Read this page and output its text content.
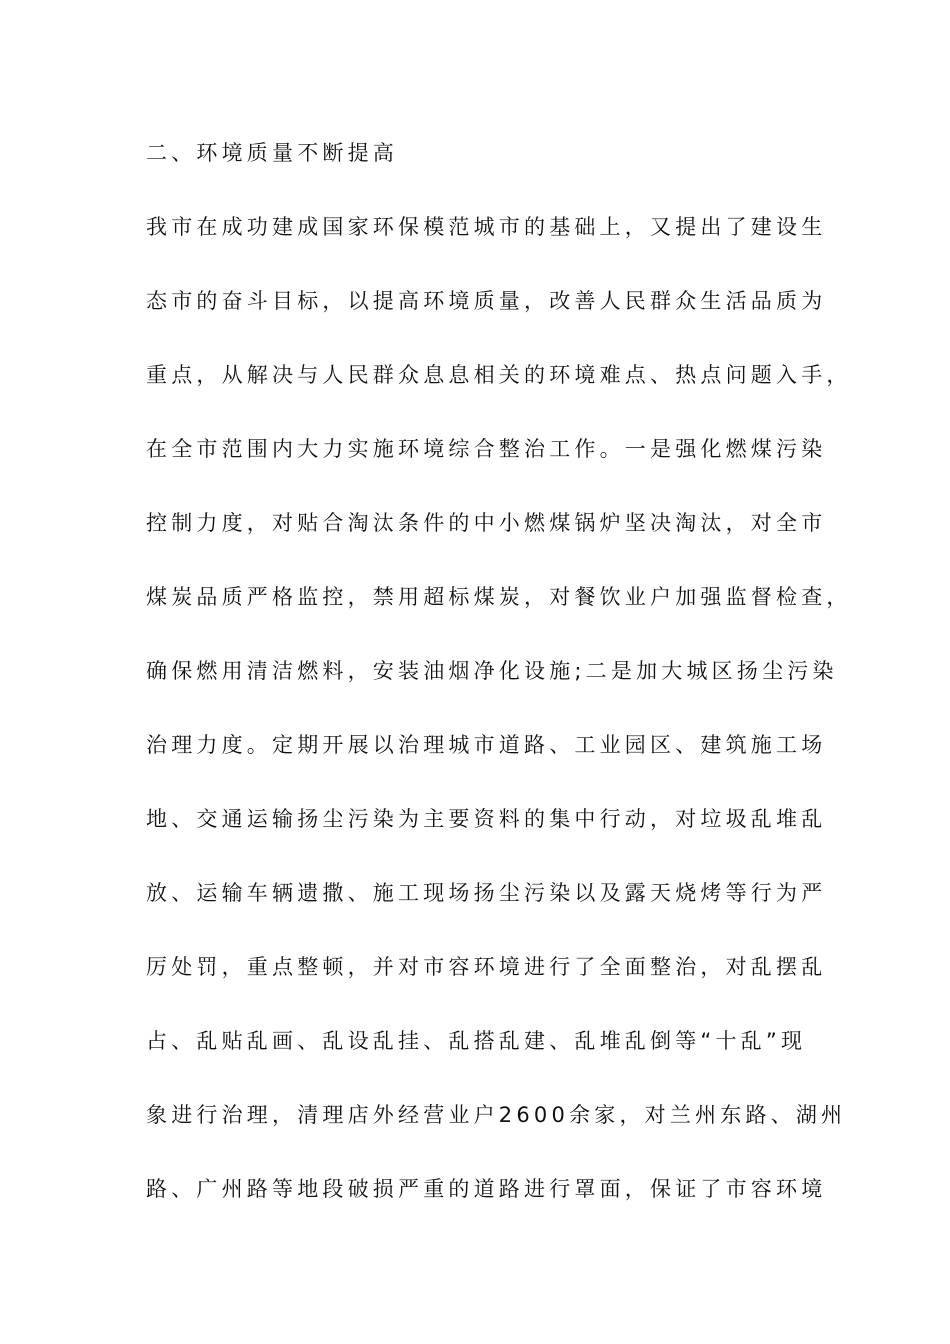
二、环境质量不断提高
我市在成功建成国家环保模范城市的基础上，又提出了建设生
态市的奋斗目标，以提高环境质量，改善人民群众生活品质为
重点，从解决与人民群众息息相关的环境难点、热点问题入手，
在全市范围内大力实施环境综合整治工作。一是强化燃煤污染
控制力度，对贴合淘汰条件的中小燃煤锅炉坚决淘汰，对全市
煤炭品质严格监控，禁用超标煤炭，对餐饮业户加强监督检查，
确保燃用清洁燃料，安装油烟净化设施;二是加大城区扬尘污染
治理力度。定期开展以治理城市道路、工业园区、建筑施工场
地、交通运输扬尘污染为主要资料的集中行动，对垃圾乱堆乱
放、运输车辆遗撒、施工现场扬尘污染以及露天烧烤等行为严
厉处罚，重点整顿，并对市容环境进行了全面整治，对乱摆乱
占、乱贴乱画、乱设乱挂、乱搭乱建、乱堆乱倒等“十乱”现
象进行治理，清理店外经营业户2600余家，对兰州东路、湖州
路、广州路等地段破损严重的道路进行罩面，保证了市容环境
